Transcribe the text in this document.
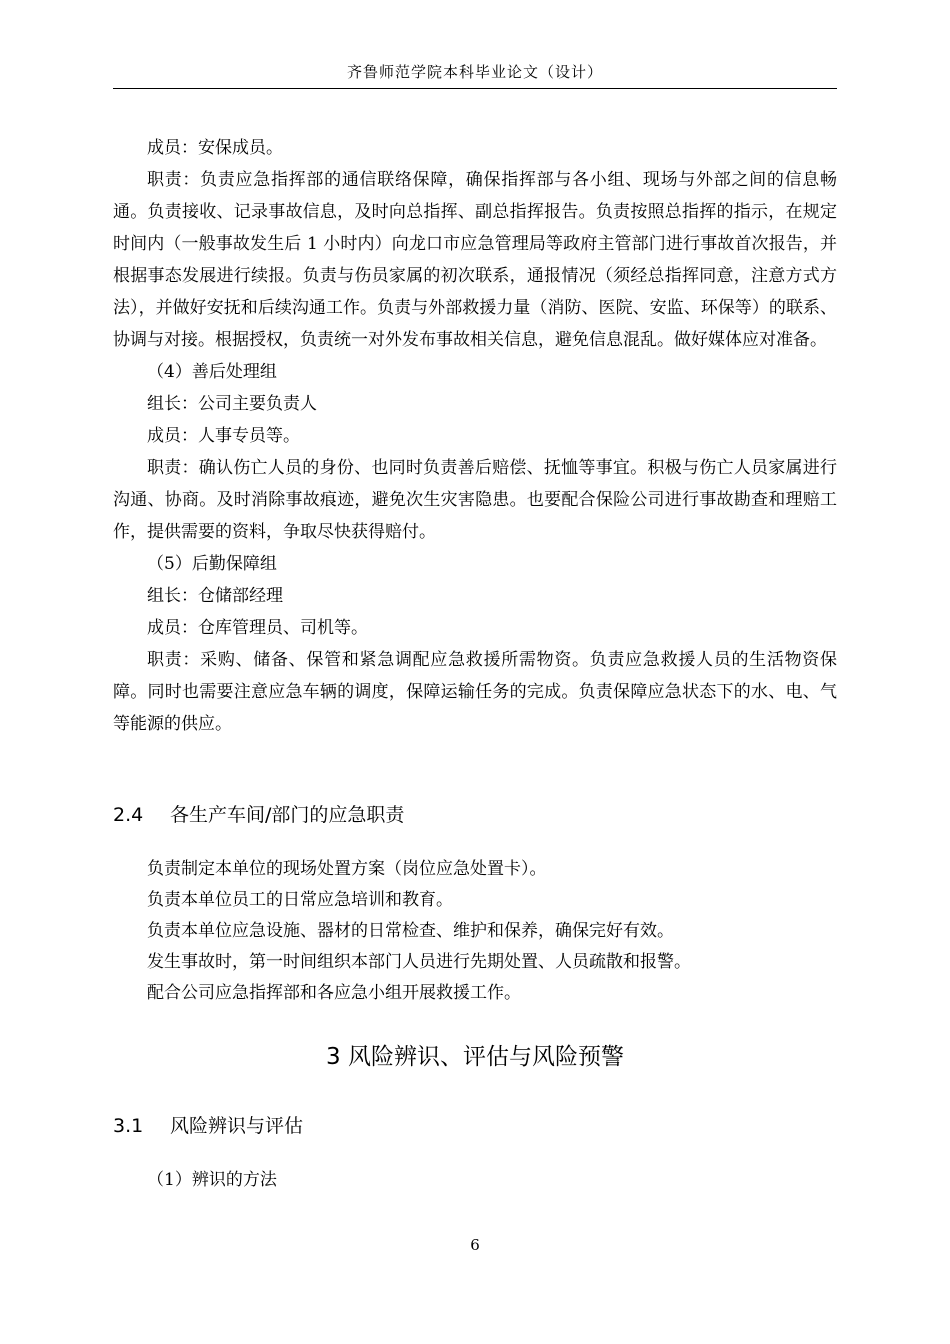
齐鲁师范学院本科毕业论文（设计）

成员：安保成员。

职责：负责应急指挥部的通信联络保障，确保指挥部与各小组、现场与外部之间的信息畅通。负责接收、记录事故信息，及时向总指挥、副总指挥报告。负责按照总指挥的指示，在规定时间内（一般事故发生后 1 小时内）向龙口市应急管理局等政府主管部门进行事故首次报告，并根据事态发展进行续报。负责与伤员家属的初次联系，通报情况（须经总指挥同意，注意方式方法），并做好安抚和后续沟通工作。负责与外部救援力量（消防、医院、安监、环保等）的联系、协调与对接。根据授权，负责统一对外发布事故相关信息，避免信息混乱。做好媒体应对准备。

（4）善后处理组

组长：公司主要负责人

成员：人事专员等。

职责：确认伤亡人员的身份、也同时负责善后赔偿、抚恤等事宜。积极与伤亡人员家属进行沟通、协商。及时消除事故痕迹，避免次生灾害隐患。也要配合保险公司进行事故勘查和理赔工作，提供需要的资料，争取尽快获得赔付。

（5）后勤保障组

组长：仓储部经理

成员：仓库管理员、司机等。

职责：采购、储备、保管和紧急调配应急救援所需物资。负责应急救援人员的生活物资保障。同时也需要注意应急车辆的调度，保障运输任务的完成。负责保障应急状态下的水、电、气等能源的供应。

2.4 各生产车间/部门的应急职责

负责制定本单位的现场处置方案（岗位应急处置卡）。

负责本单位员工的日常应急培训和教育。

负责本单位应急设施、器材的日常检查、维护和保养，确保完好有效。

发生事故时，第一时间组织本部门人员进行先期处置、人员疏散和报警。

配合公司应急指挥部和各应急小组开展救援工作。

3 风险辨识、评估与风险预警
3.1 风险辨识与评估

（1）辨识的方法

6
